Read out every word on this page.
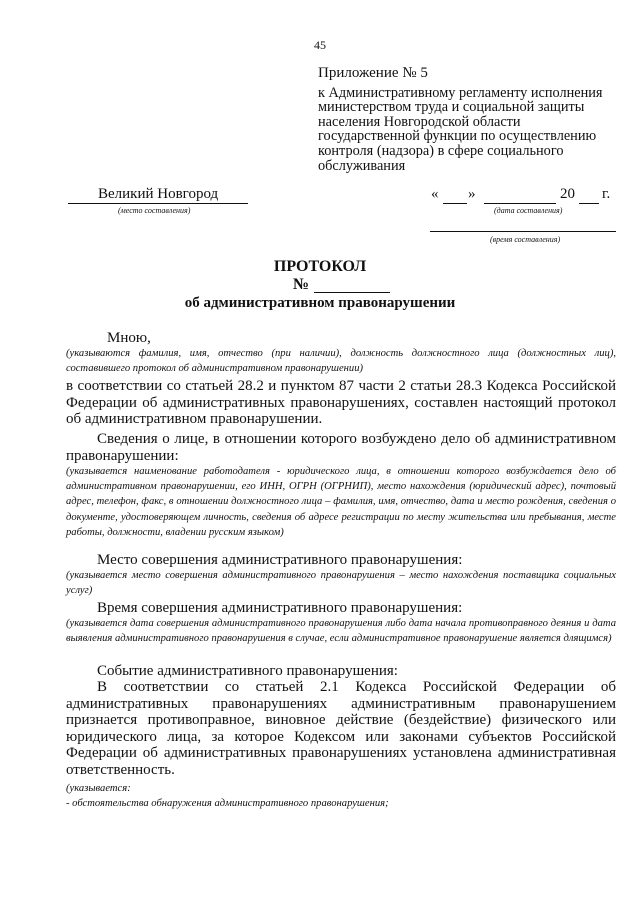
45
Приложение № 5
к Административному регламенту исполнения министерством труда и социальной защиты населения Новгородской области государственной функции по осуществлению контроля (надзора) в сфере социального обслуживания
Великий Новгород
(место составления)
« »	20 г.
(дата составления)
(время составления)
ПРОТОКОЛ
№
об административном правонарушении
Мною,
(указываются фамилия, имя, отчество (при наличии), должность должностного лица (должностных лиц), составившего протокол об административном правонарушении)
в соответствии со статьей 28.2 и пунктом 87 части 2 статьи 28.3 Кодекса Российской Федерации об административных правонарушениях, составлен настоящий протокол об административном правонарушении.
Сведения о лице, в отношении которого возбуждено дело об административном правонарушении:
(указывается наименование работодателя - юридического лица, в отношении которого возбуждается дело об административном правонарушении, его ИНН, ОГРН (ОГРНИП), место нахождения (юридический адрес), почтовый адрес, телефон, факс, в отношении должностного лица – фамилия, имя, отчество, дата и место рождения, сведения о документе, удостоверяющем личность, сведения об адресе регистрации по месту жительства или пребывания, месте работы, должности, владении русским языком)
Место совершения административного правонарушения:
(указывается место совершения административного правонарушения – место нахождения поставщика социальных услуг)
Время совершения административного правонарушения:
(указывается дата совершения административного правонарушения либо дата начала противоправного деяния и дата выявления административного правонарушения в случае, если административное правонарушение является длящимся)
Событие административного правонарушения:
В соответствии со статьей 2.1 Кодекса Российской Федерации об административных правонарушениях административным правонарушением признается противоправное, виновное действие (бездействие) физического или юридического лица, за которое Кодексом или законами субъектов Российской Федерации об административных правонарушениях установлена административная ответственность.
(указывается:
- обстоятельства обнаружения административного правонарушения;
